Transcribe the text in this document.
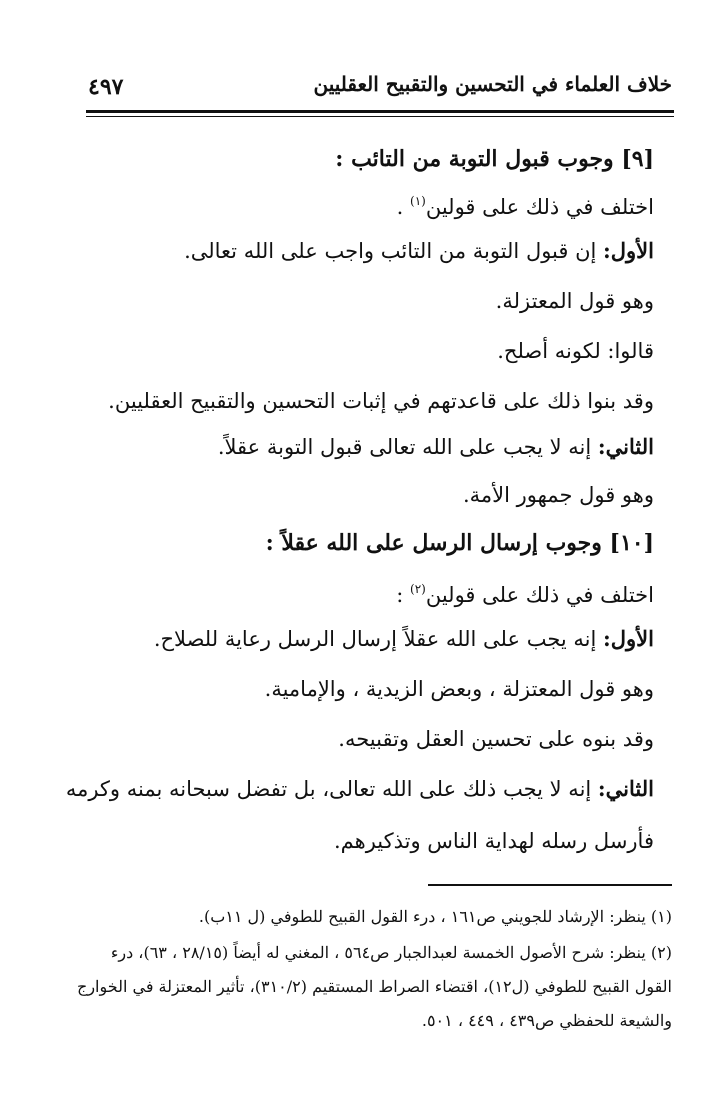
خلاف العلماء في التحسين والتقبيح العقليين
٤٩٧
[٩] وجوب قبول التوبة من التائب :
اختلف في ذلك على قولين$^{(١)}$ .
الأول: إن قبول التوبة من التائب واجب على الله تعالى.
وهو قول المعتزلة.
قالوا: لكونه أصلح.
وقد بنوا ذلك على قاعدتهم في إثبات التحسين والتقبيح العقليين.
الثاني: إنه لا يجب على الله تعالى قبول التوبة عقلاً.
وهو قول جمهور الأمة.
[١٠] وجوب إرسال الرسل على الله عقلاً :
اختلف في ذلك على قولين$^{(٢)}$ :
الأول: إنه يجب على الله عقلاً إرسال الرسل رعاية للصلاح.
وهو قول المعتزلة ، وبعض الزيدية ، والإمامية.
وقد بنوه على تحسين العقل وتقبيحه.
الثاني: إنه لا يجب ذلك على الله تعالى، بل تفضل سبحانه بمنه وكرمه
فأرسل رسله لهداية الناس وتذكيرهم.
(١) ينظر: الإرشاد للجويني ص١٦١ ، درء القول القبيح للطوفي (ل ١١ب).
(٢) ينظر: شرح الأصول الخمسة لعبدالجبار ص٥٦٤ ، المغني له أيضاً (٢٨/١٥ ، ٦٣)، درء
القول القبيح للطوفي (ل١٢)، اقتضاء الصراط المستقيم (٣١٠/٢)، تأثير المعتزلة في الخوارج
والشيعة للحفظي ص٤٣٩ ، ٤٤٩ ، ٥٠١.
